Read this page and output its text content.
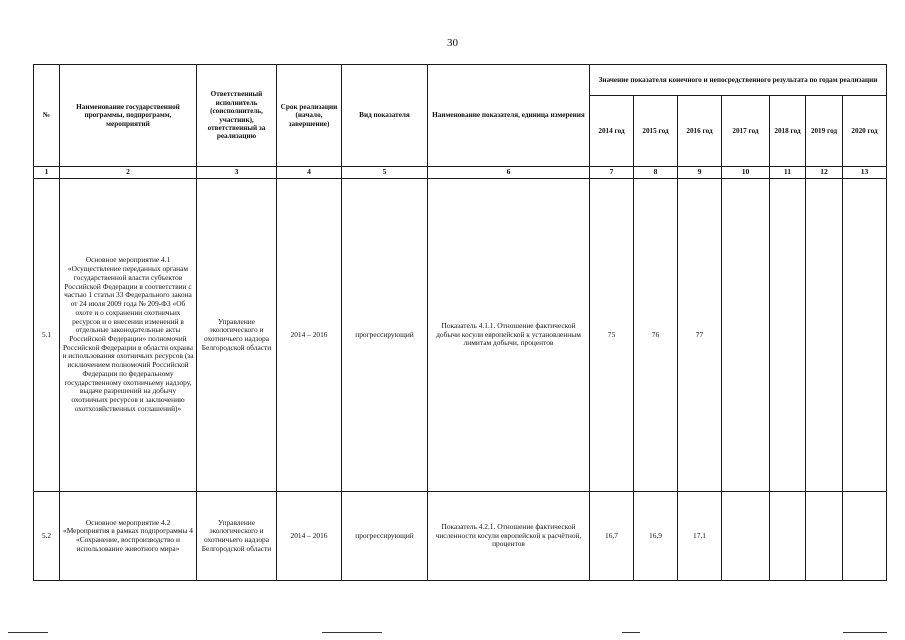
30
№	Наименование государственной программы, подпрограмм, мероприятий	Ответственный исполнитель (соисполнитель, участник), ответственный за реализацию	Срок реализации (начало, завершение)	Вид показателя	Наименование показателя, единица измерения	Значение показателя конечного и непосредственного результата по годам реализации						
						2014 год	2015 год	2016 год	2017 год	2018 год	2019 год	2020 год
1	2	3	4	5	6	7	8	9	10	11	12	13
5.1	Основное мероприятие 4.1 «Осуществление переданных органам государственной власти субъектов Российской Федерации в соответствии с частью 1 статьи 33 Федерального закона от 24 июля 2009 года № 209-ФЗ «Об охоте и о сохранении охотничьих ресурсов и о внесении изменений в отдельные законодательные акты Российской Федерации» полномочий Российской Федерации в области охраны и использования охотничьих ресурсов (за исключением полномочий Российской Федерации по федеральному государственному охотничьему надзору, выдаче разрешений на добычу охотничьих ресурсов и заключению охотхозяйственных соглашений)»	Управление экологического и охотничьего надзора Белгородской области	2014 – 2016	прогрессирующий	Показатель 4.1.1. Отношение фактической добычи косули европейской к установленным лимитам добычи, процентов	75	76	77				
5.2	Основное мероприятие 4.2 «Мероприятия в рамках подпрограммы 4 «Сохранение, воспроизводство и использование животного мира»	Управление экологического и охотничьего надзора Белгородской области	2014 – 2016	прогрессирующий	Показатель 4.2.1. Отношение фактической численности косули европейской к расчётной, процентов	16,7	16,9	17,1				
